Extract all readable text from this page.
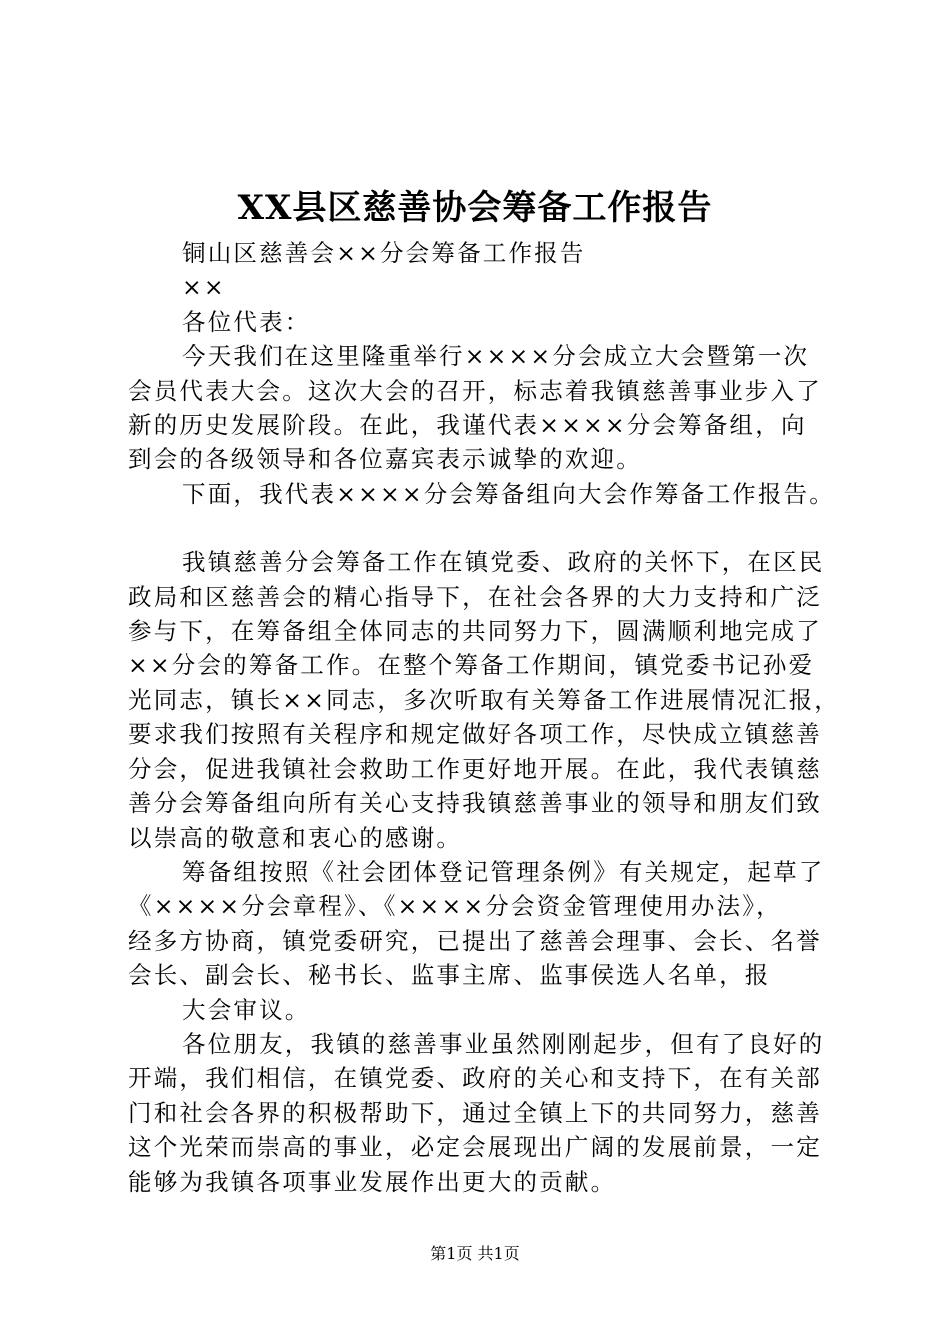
XX县区慈善协会筹备工作报告

铜山区慈善会××分会筹备工作报告

××

各位代表：

今天我们在这里隆重举行××××分会成立大会暨第一次

会员代表大会。这次大会的召开，标志着我镇慈善事业步入了

新的历史发展阶段。在此，我谨代表××××分会筹备组，向

到会的各级领导和各位嘉宾表示诚挚的欢迎。

下面，我代表××××分会筹备组向大会作筹备工作报告。

我镇慈善分会筹备工作在镇党委、政府的关怀下，在区民

政局和区慈善会的精心指导下，在社会各界的大力支持和广泛

参与下，在筹备组全体同志的共同努力下，圆满顺利地完成了

××分会的筹备工作。在整个筹备工作期间，镇党委书记孙爱

光同志，镇长××同志，多次听取有关筹备工作进展情况汇报，

要求我们按照有关程序和规定做好各项工作，尽快成立镇慈善

分会，促进我镇社会救助工作更好地开展。在此，我代表镇慈

善分会筹备组向所有关心支持我镇慈善事业的领导和朋友们致

以崇高的敬意和衷心的感谢。

筹备组按照《社会团体登记管理条例》有关规定，起草了

《××××分会章程》、《××××分会资金管理使用办法》，

经多方协商，镇党委研究，已提出了慈善会理事、会长、名誉

会长、副会长、秘书长、监事主席、监事侯选人名单，报

大会审议。

各位朋友，我镇的慈善事业虽然刚刚起步，但有了良好的

开端，我们相信，在镇党委、政府的关心和支持下，在有关部

门和社会各界的积极帮助下，通过全镇上下的共同努力，慈善

这个光荣而崇高的事业，必定会展现出广阔的发展前景，一定

能够为我镇各项事业发展作出更大的贡献。

第1页 共1页
